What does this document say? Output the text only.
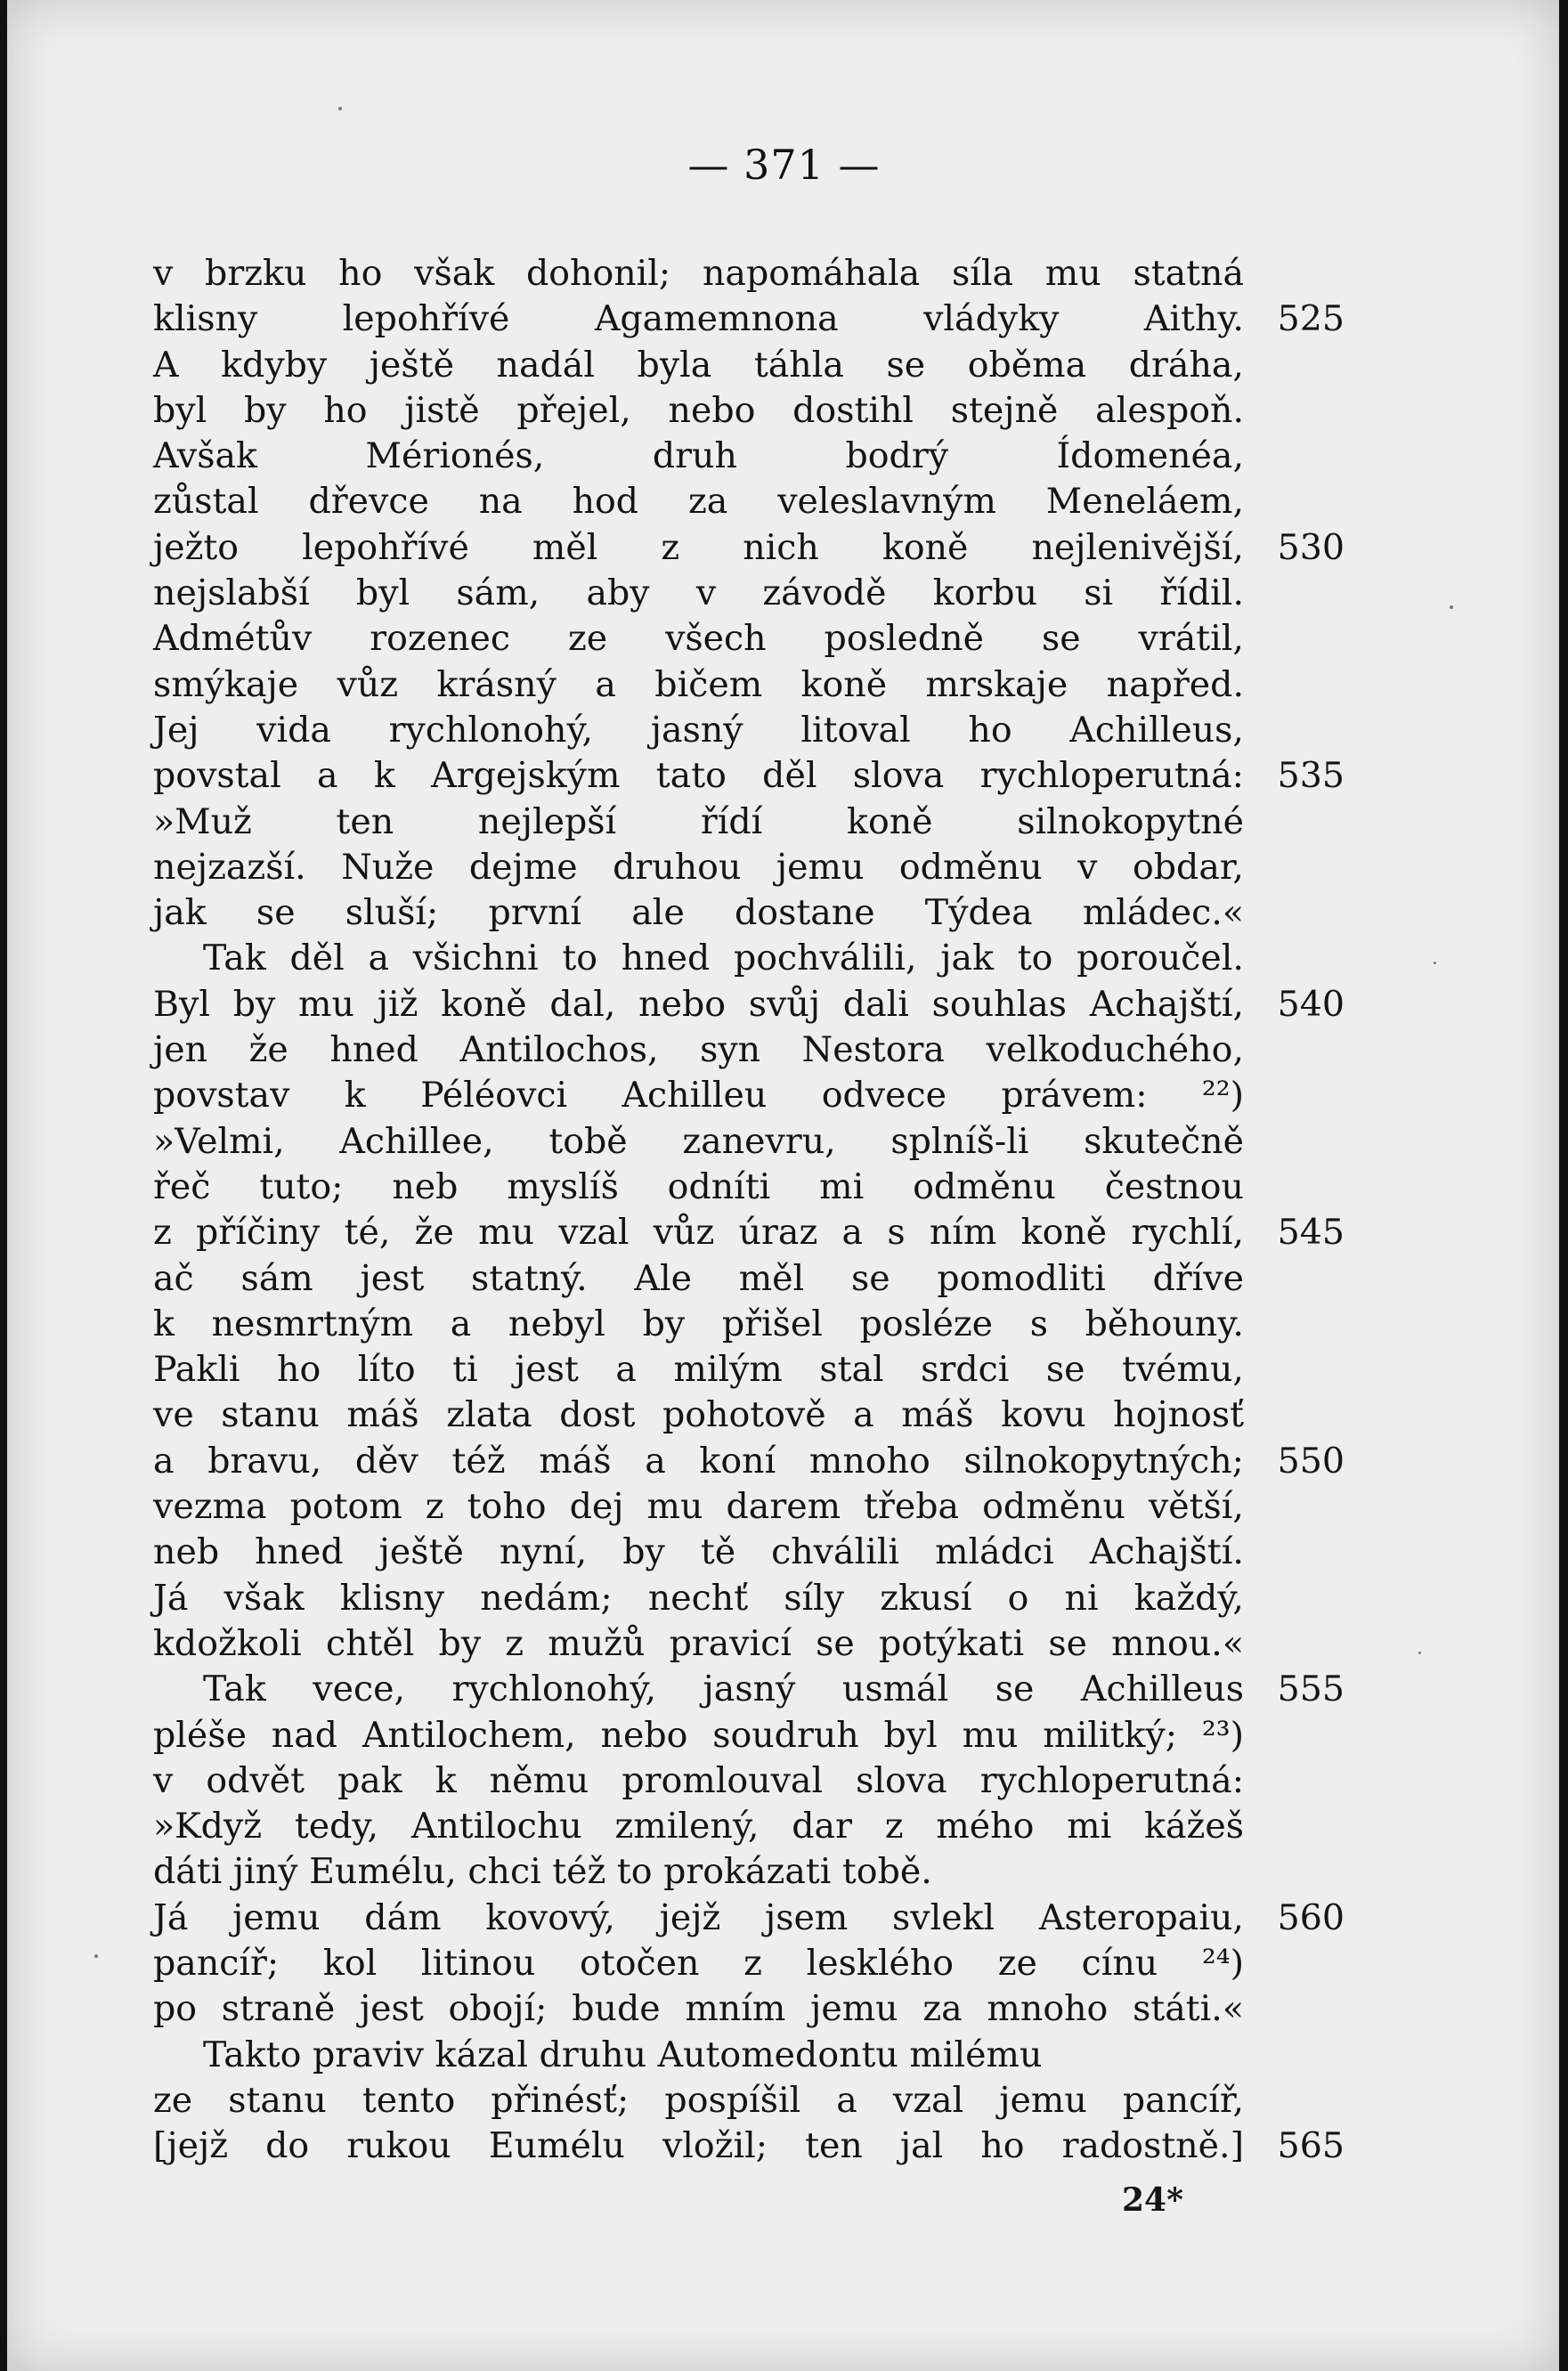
— 371 —
v brzku ho však dohonil; napomáhala síla mu statná
klisny lepohřívé Agamemnona vládyky Aithy. 525
A kdyby ještě nadál byla táhla se oběma dráha,
byl by ho jistě přejel, nebo dostihl stejně alespoň.
Avšak Mérionés, druh bodrý Ídomenéa,
zůstal dřevce na hod za veleslavným Meneláem,
ježto lepohřívé měl z nich koně nejlenivější, 530
nejslabší byl sám, aby v závodě korbu si řídil.
Admétův rozenec ze všech posledně se vrátil,
smýkaje vůz krásný a bičem koně mrskaje napřed.
Jej vida rychlonohý, jasný litoval ho Achilleus,
povstal a k Argejským tato děl slova rychloperutná: 535
»Muž ten nejlepší řídí koně silnokopytné
nejzazší. Nuže dejme druhou jemu odměnu v obdar,
jak se sluší; první ale dostane Týdea mládec.«
Tak děl a všichni to hned pochválili, jak to poroučel.
Byl by mu již koně dal, nebo svůj dali souhlas Achajští, 540
jen že hned Antilochos, syn Nestora velkoduchého,
povstav k Péléovci Achilleu odvece právem: ²²)
»Velmi, Achillee, tobě zanevru, splníš-li skutečně
řeč tuto; neb myslíš odníti mi odměnu čestnou
z příčiny té, že mu vzal vůz úraz a s ním koně rychlí, 545
ač sám jest statný. Ale měl se pomodliti dříve
k nesmrtným a nebyl by přišel posléze s běhouny.
Pakli ho líto ti jest a milým stal srdci se tvému,
ve stanu máš zlata dost pohotově a máš kovu hojnosť
a bravu, děv též máš a koní mnoho silnokopytných; 550
vezma potom z toho dej mu darem třeba odměnu větší,
neb hned ještě nyní, by tě chválili mládci Achajští.
Já však klisny nedám; nechť síly zkusí o ni každý,
kdožkoli chtěl by z mužů pravicí se potýkati se mnou.«
Tak vece, rychlonohý, jasný usmál se Achilleus 555
pléše nad Antilochem, nebo soudruh byl mu militký; ²³)
v odvět pak k němu promlouval slova rychloperutná:
»Když tedy, Antilochu zmilený, dar z mého mi kážeš
dáti jiný Eumélu, chci též to prokázati tobě.
Já jemu dám kovový, jejž jsem svlekl Asteropaiu, 560
pancíř; kol litinou otočen z lesklého ze cínu ²⁴)
po straně jest obojí; bude mním jemu za mnoho státi.«
Takto praviv kázal druhu Automedontu milému
ze stanu tento přinésť; pospíšil a vzal jemu pancíř,
[jejž do rukou Eumélu vložil; ten jal ho radostně.] 565
24*
